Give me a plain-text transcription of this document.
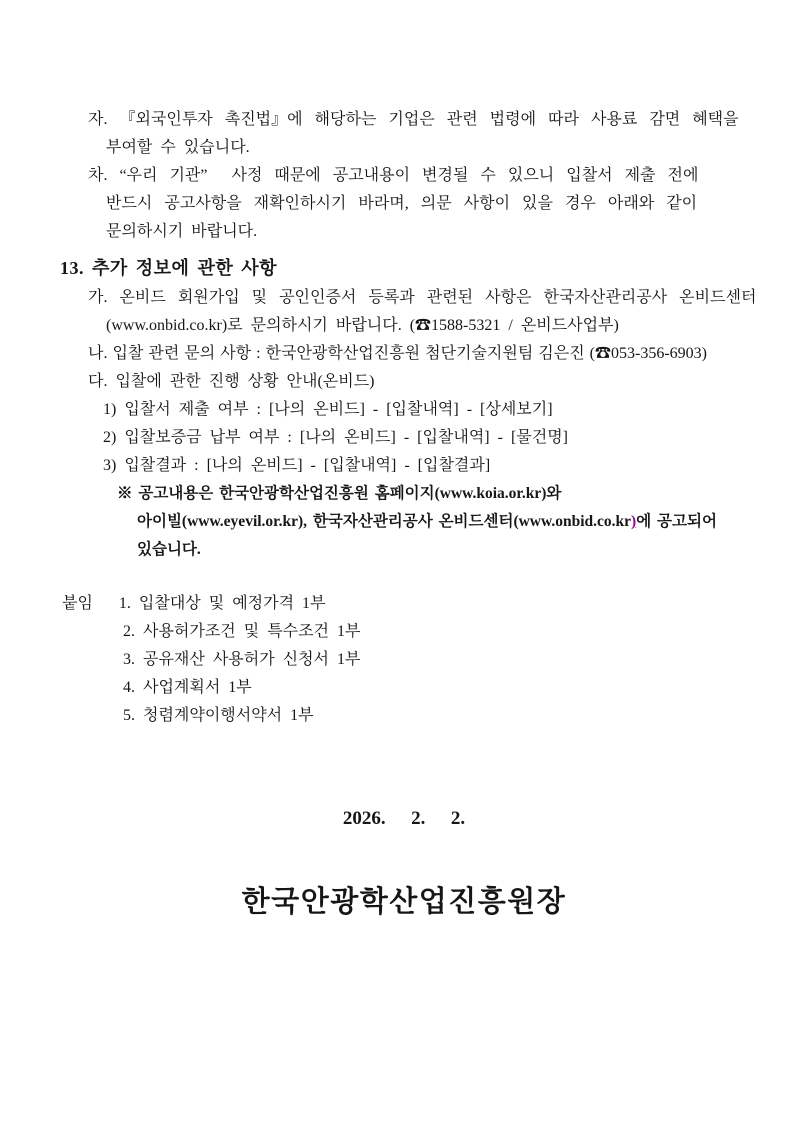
자. 『외국인투자 촉진법』에 해당하는 기업은 관련 법령에 따라 사용료 감면 혜택을
부여할 수 있습니다.
차. “우리 기관”  사정 때문에 공고내용이 변경될 수 있으니 입찰서 제출 전에
반드시 공고사항을 재확인하시기 바라며, 의문 사항이 있을 경우 아래와 같이
문의하시기 바랍니다.
13. 추가 정보에 관한 사항
가. 온비드 회원가입 및 공인인증서 등록과 관련된 사항은 한국자산관리공사 온비드센터
(www.onbid.co.kr)로 문의하시기 바랍니다. (☎1588-5321 / 온비드사업부)
나. 입찰 관련 문의 사항 : 한국안광학산업진흥원 첨단기술지원팀 김은진 (☎053-356-6903)
다. 입찰에 관한 진행 상황 안내(온비드)
1) 입찰서 제출 여부 : [나의 온비드] - [입찰내역] - [상세보기]
2) 입찰보증금 납부 여부 : [나의 온비드] - [입찰내역] - [물건명]
3) 입찰결과 : [나의 온비드] - [입찰내역] - [입찰결과]
※ 공고내용은 한국안광학산업진흥원 홈페이지(www.koia.or.kr)와
아이빌(www.eyevil.or.kr), 한국자산관리공사 온비드센터(www.onbid.co.kr)에 공고되어
있습니다.
붙임 1. 입찰대상 및 예정가격 1부
2. 사용허가조건 및 특수조건 1부
3. 공유재산 사용허가 신청서 1부
4. 사업계획서 1부
5. 청렴계약이행서약서 1부
2026.  2.  2.
한국안광학산업진흥원장
